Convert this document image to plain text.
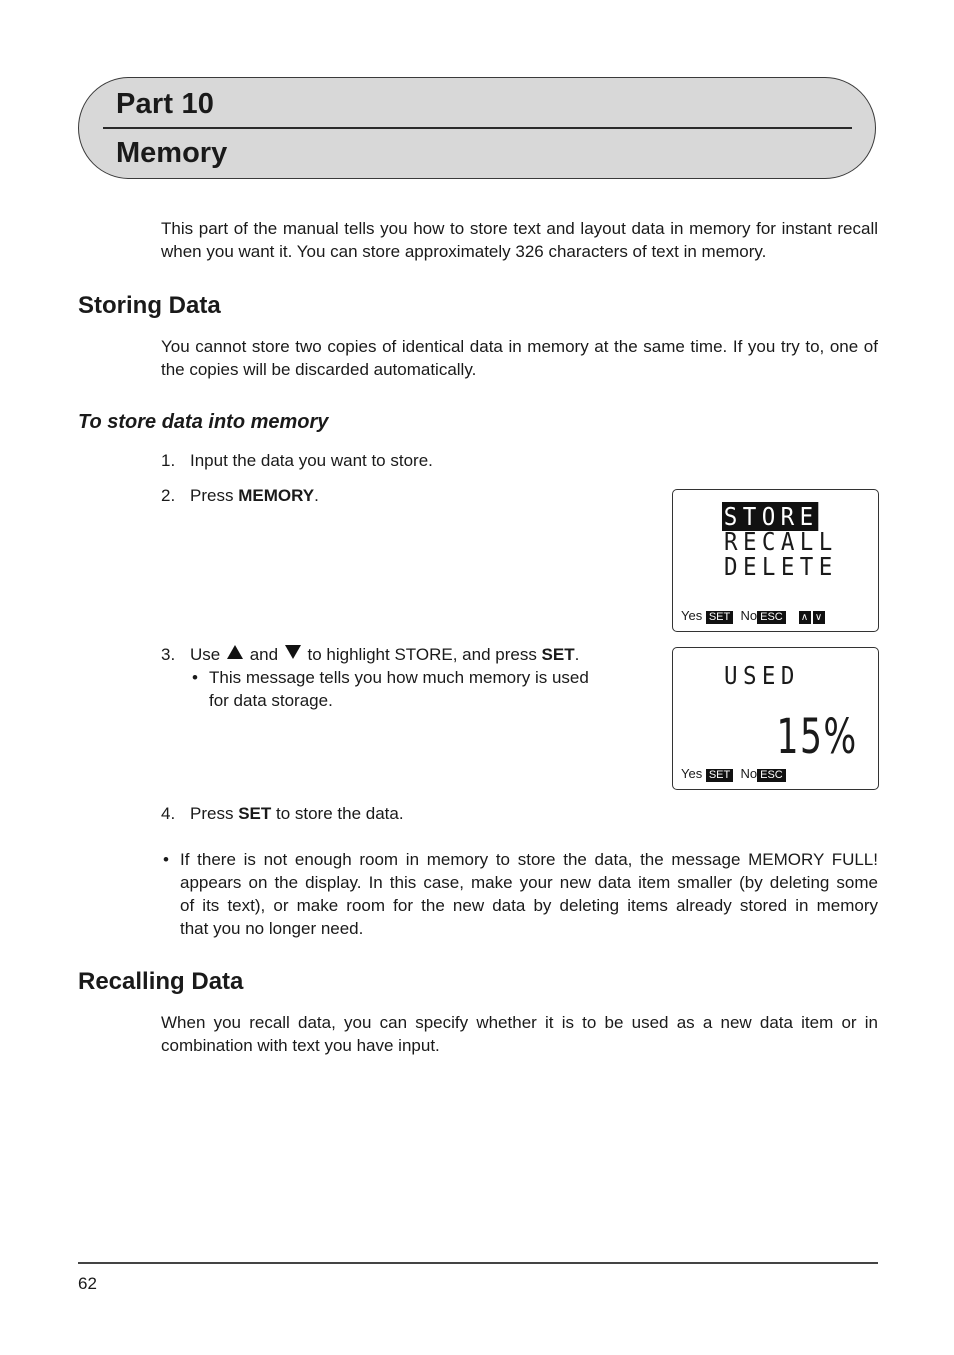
Part 10
Memory
This part of the manual tells you how to store text and layout data in memory for instant recall when you want it. You can store approximately 326 characters of text in memory.
Storing Data
You cannot store two copies of identical data in memory at the same time. If you try to, one of the copies will be discarded automatically.
To store data into memory
1. Input the data you want to store.
2. Press MEMORY.
STORE
RECALL
DELETE
Yes SET No ESC ∧ ∨
3. Use  and  to highlight STORE, and press SET.
• This message tells you how much memory is used
for data storage.
USED
15%
Yes SET No ESC
4. Press SET to store the data.
• If there is not enough room in memory to store the data, the message MEMORY FULL!
appears on the display. In this case, make your new data item smaller (by deleting some
of its text), or make room for the new data by deleting items already stored in memory
that you no longer need.
Recalling Data
When you recall data, you can specify whether it is to be used as a new data item or in combination with text you have input.
62
